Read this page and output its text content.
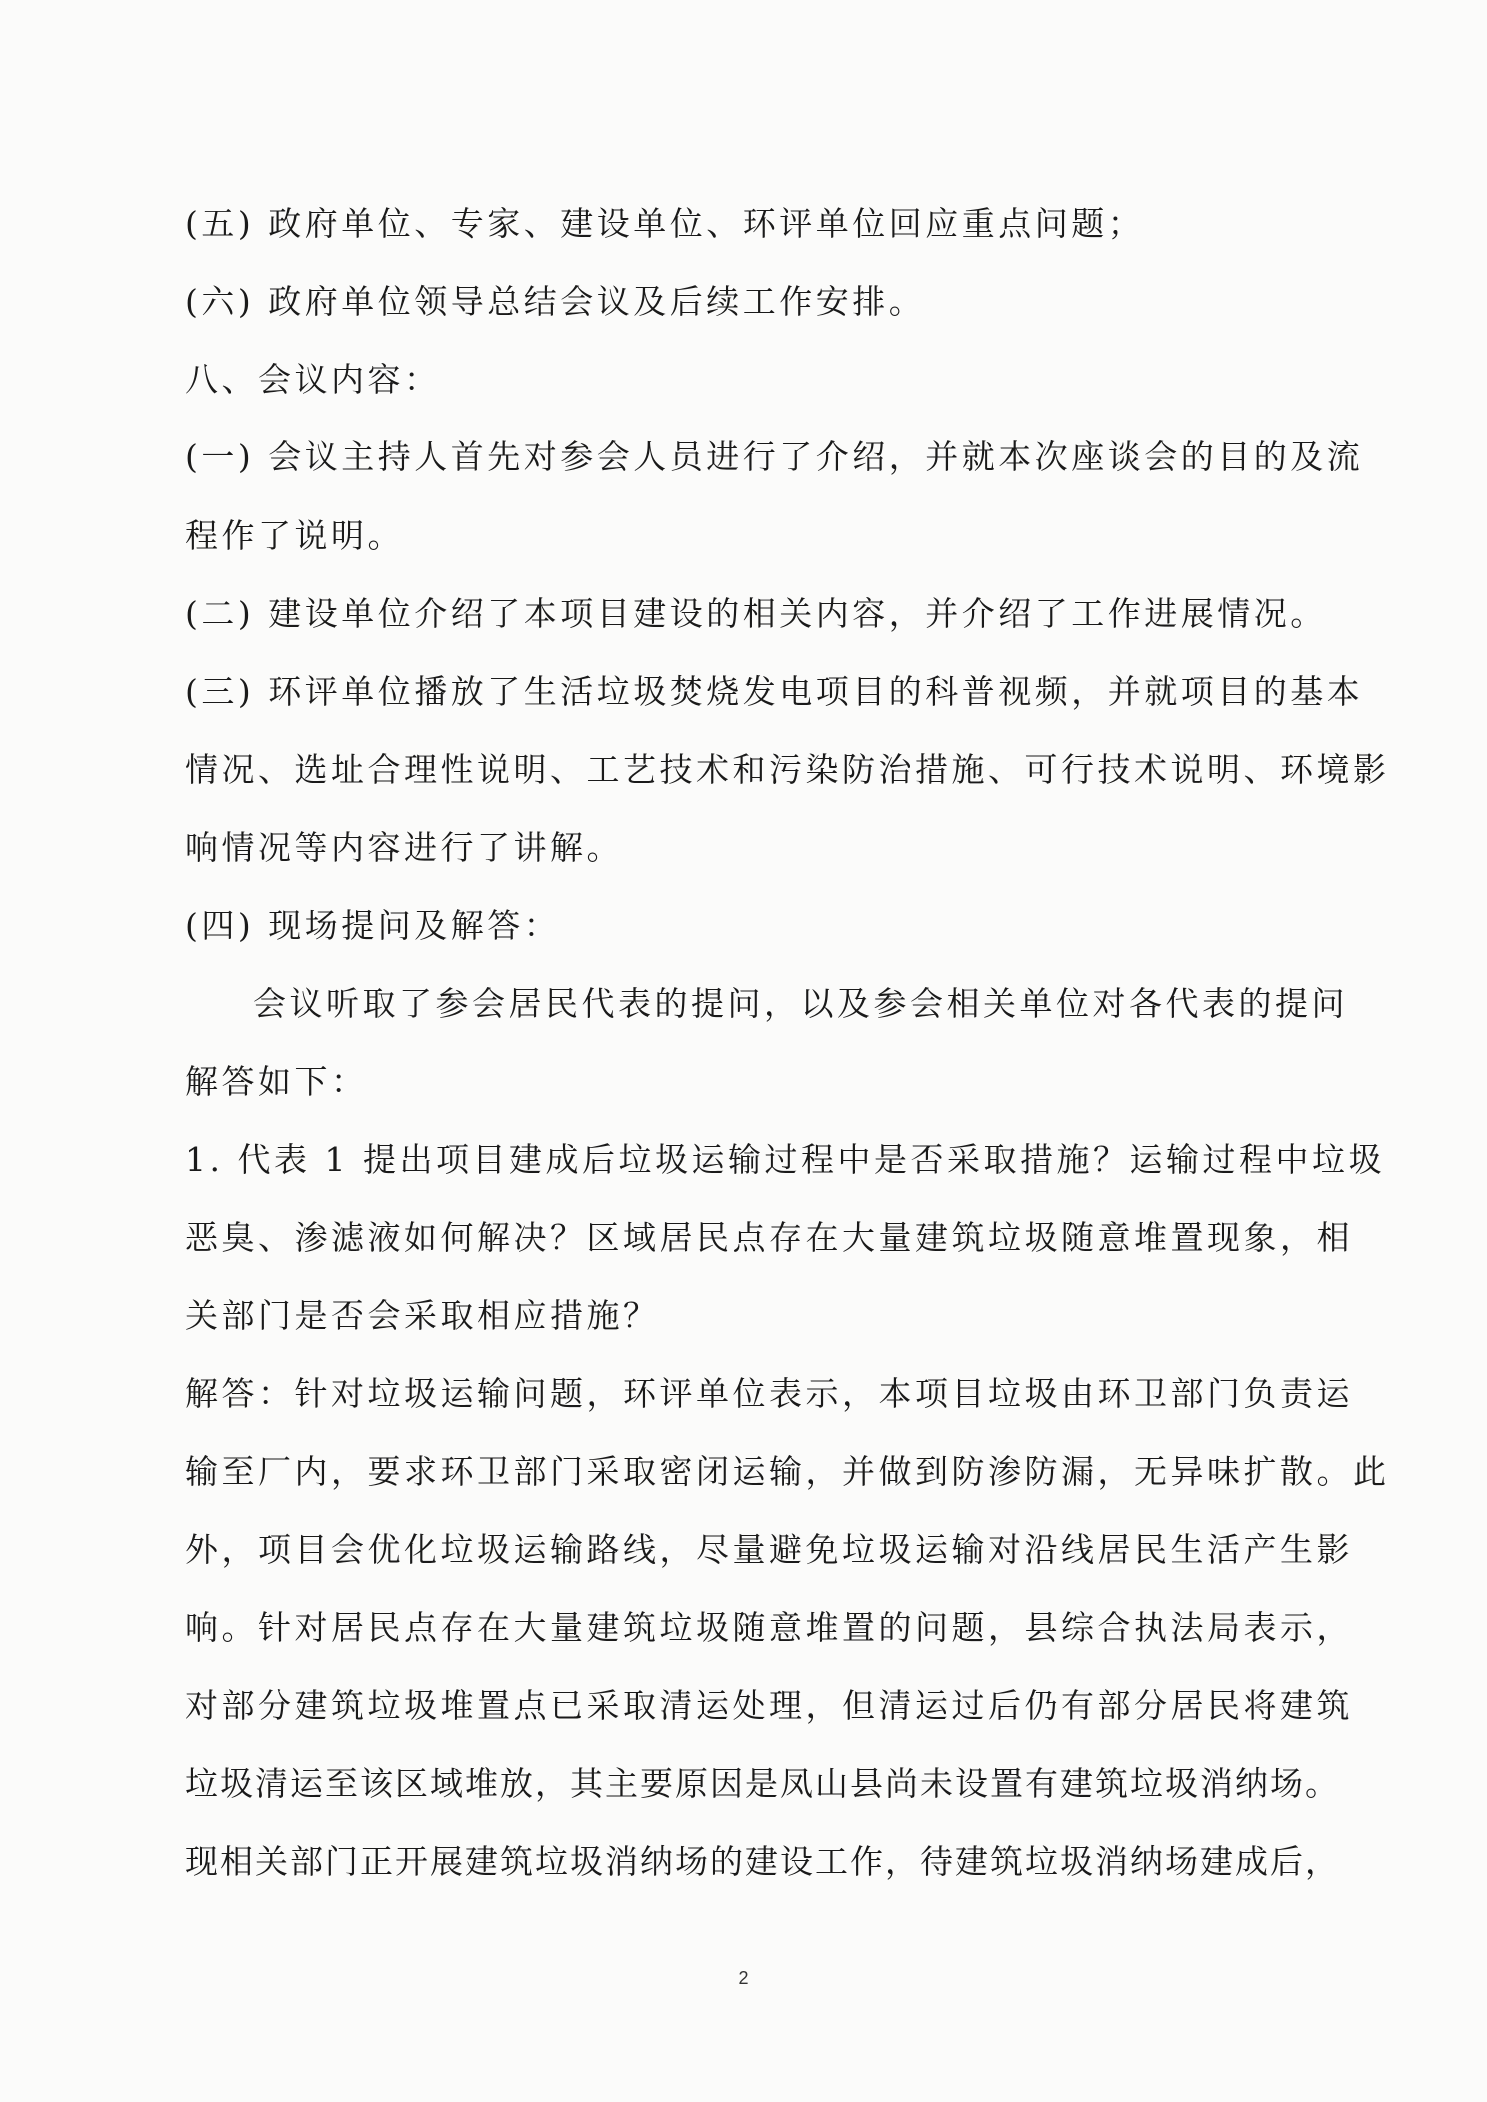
(五) 政府单位、专家、建设单位、环评单位回应重点问题；
(六) 政府单位领导总结会议及后续工作安排。
八、会议内容：
(一) 会议主持人首先对参会人员进行了介绍，并就本次座谈会的目的及流
程作了说明。
(二) 建设单位介绍了本项目建设的相关内容，并介绍了工作进展情况。
(三) 环评单位播放了生活垃圾焚烧发电项目的科普视频，并就项目的基本
情况、选址合理性说明、工艺技术和污染防治措施、可行技术说明、环境影
响情况等内容进行了讲解。
(四) 现场提问及解答：
会议听取了参会居民代表的提问，以及参会相关单位对各代表的提问
解答如下：
1. 代表 1 提出项目建成后垃圾运输过程中是否采取措施？运输过程中垃圾
恶臭、渗滤液如何解决？区域居民点存在大量建筑垃圾随意堆置现象，相
关部门是否会采取相应措施？
解答：针对垃圾运输问题，环评单位表示，本项目垃圾由环卫部门负责运
输至厂内，要求环卫部门采取密闭运输，并做到防渗防漏，无异味扩散。此
外，项目会优化垃圾运输路线，尽量避免垃圾运输对沿线居民生活产生影
响。针对居民点存在大量建筑垃圾随意堆置的问题，县综合执法局表示，
对部分建筑垃圾堆置点已采取清运处理，但清运过后仍有部分居民将建筑
垃圾清运至该区域堆放，其主要原因是凤山县尚未设置有建筑垃圾消纳场。
现相关部门正开展建筑垃圾消纳场的建设工作，待建筑垃圾消纳场建成后，
2
